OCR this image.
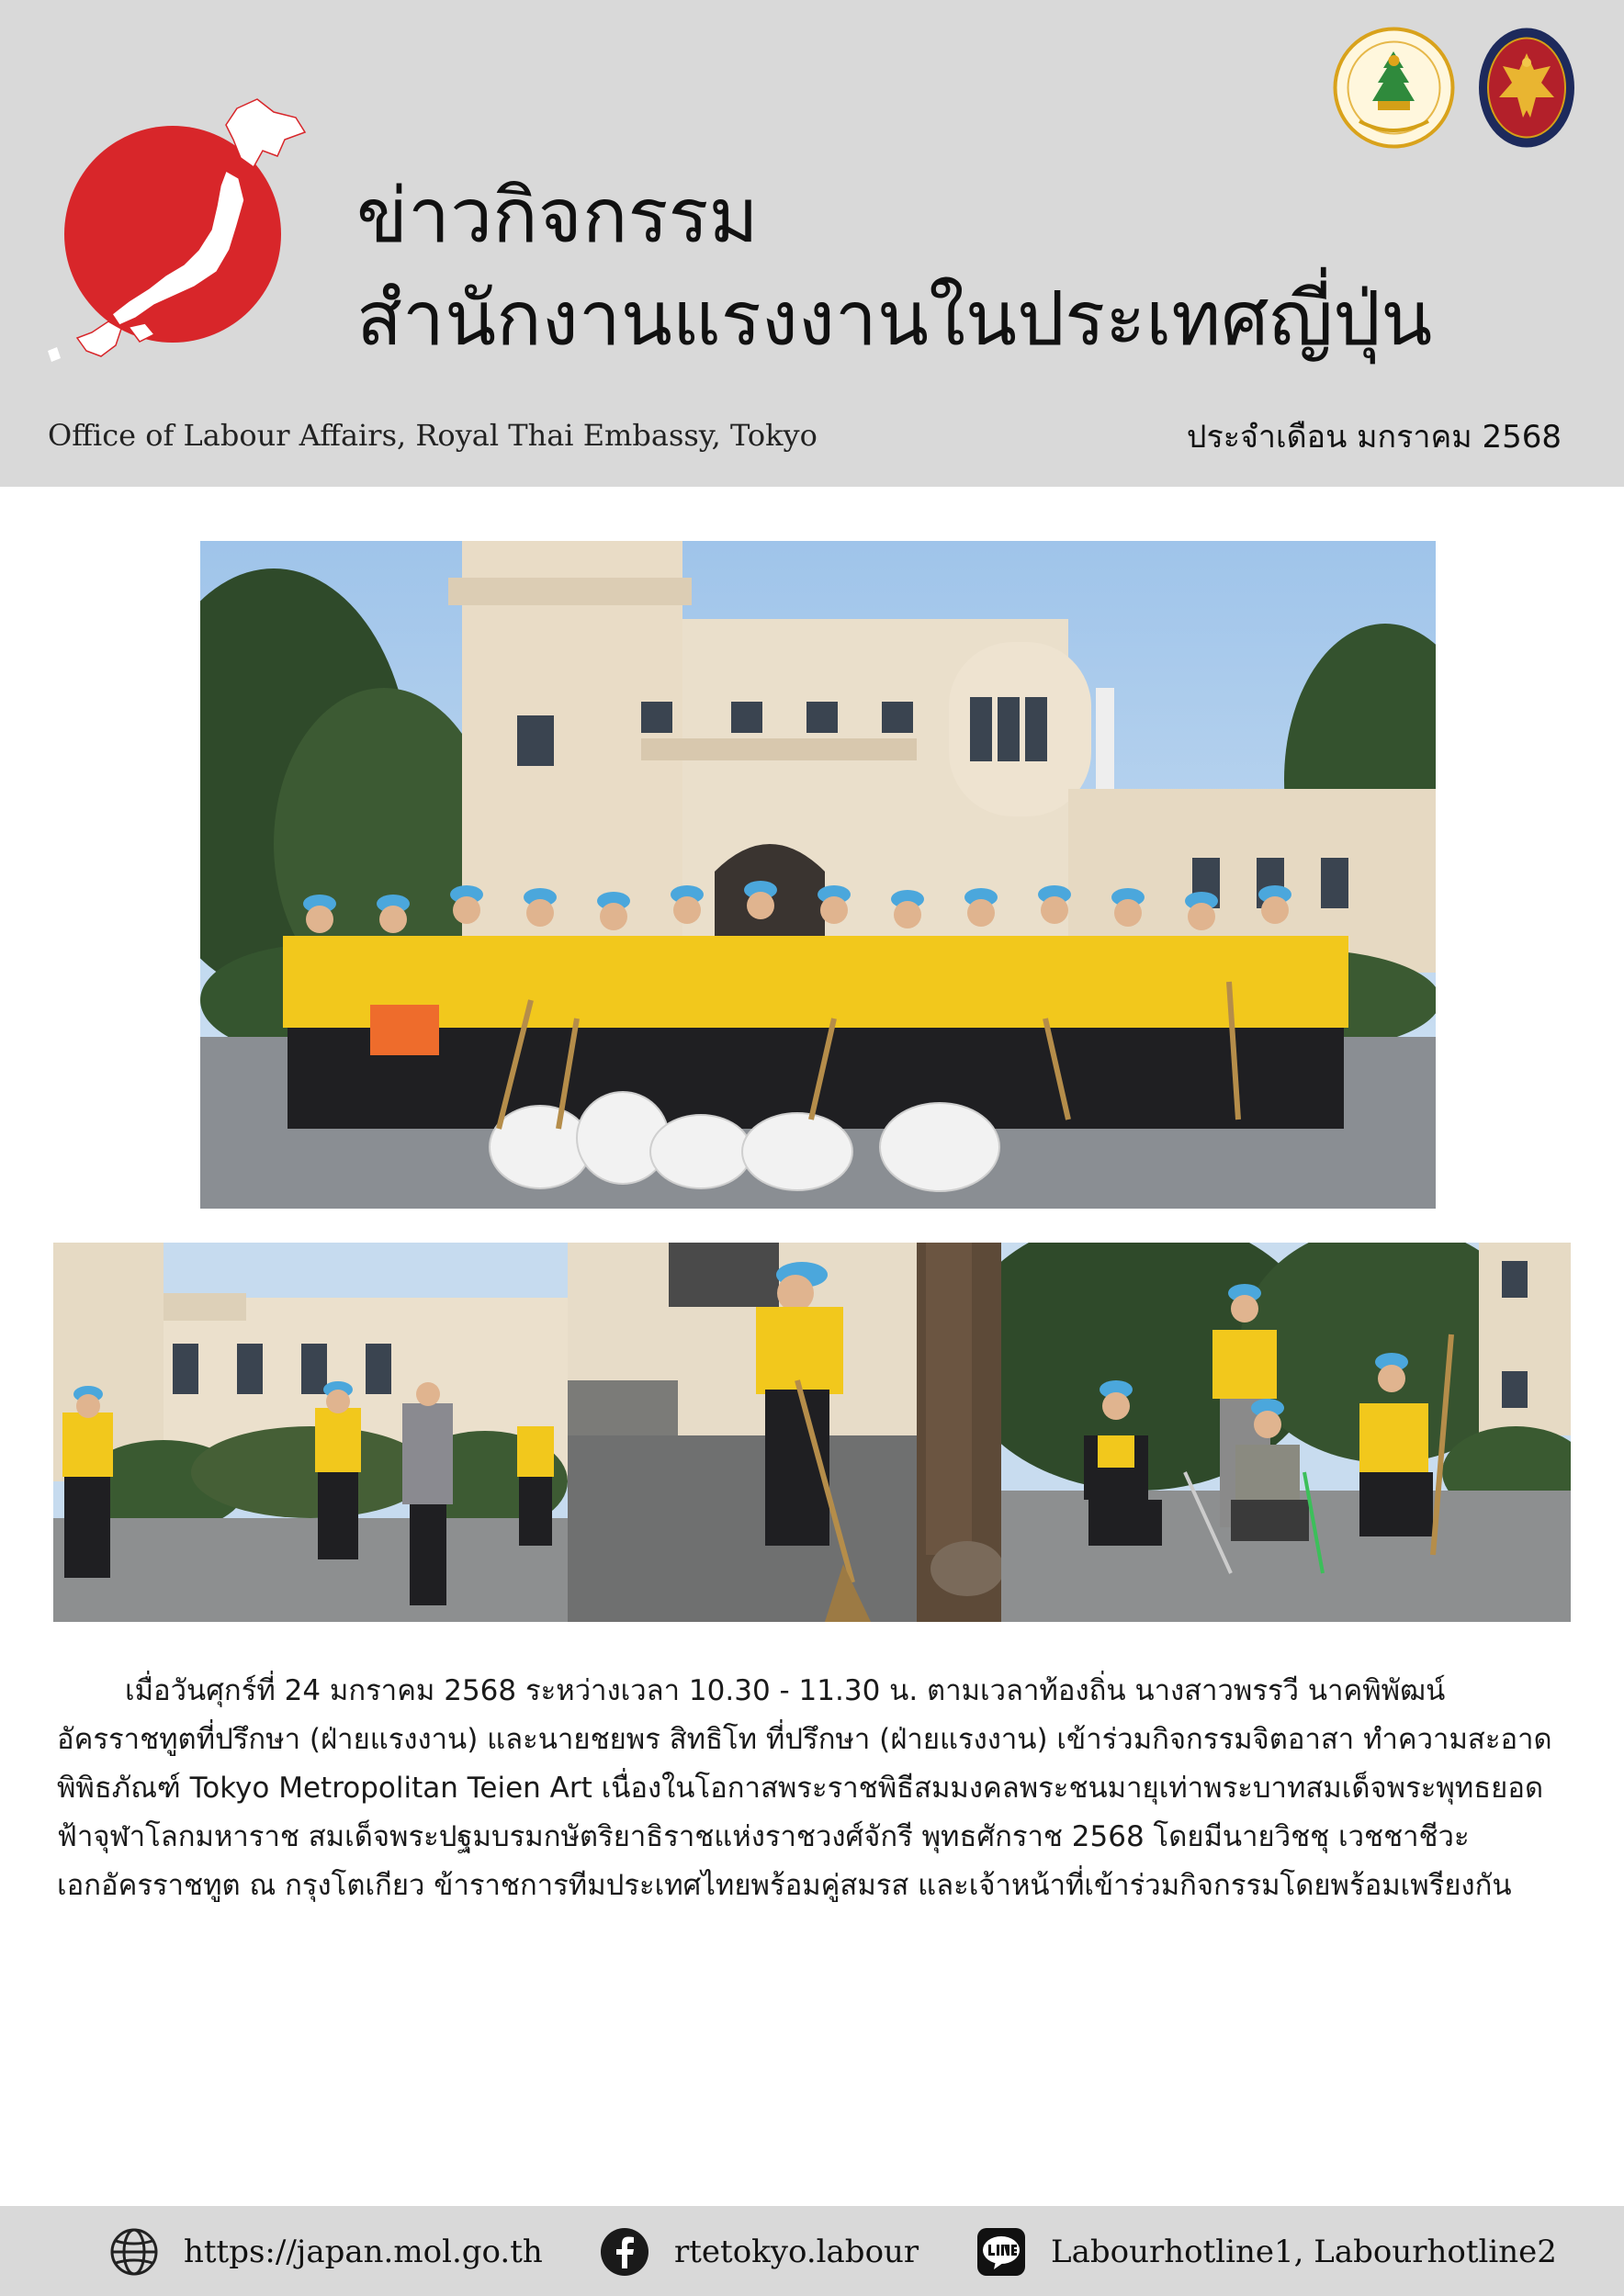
ข่าวกิจกรรม
สำนักงานแรงงานในประเทศญี่ปุ่น
Office of Labour Affairs, Royal Thai Embassy, Tokyo	ประจำเดือน มกราคม 2568

เมื่อวันศุกร์ที่ 24 มกราคม 2568 ระหว่างเวลา 10.30 - 11.30 น. ตามเวลาท้องถิ่น นางสาวพรรวี นาคพิพัฒน์ อัครราชทูตที่ปรึกษา (ฝ่ายแรงงาน) และนายชยพร สิทธิโท ที่ปรึกษา (ฝ่ายแรงงาน) เข้าร่วมกิจกรรมจิตอาสา ทำความสะอาดพิพิธภัณฑ์ Tokyo Metropolitan Teien Art เนื่องในโอกาสพระราชพิธีสมมงคลพระชนมายุเท่าพระบาทสมเด็จพระพุทธยอดฟ้าจุฬาโลกมหาราช สมเด็จพระปฐมบรมกษัตริยาธิราชแห่งราชวงศ์จักรี พุทธศักราช 2568 โดยมีนายวิชชุ เวชชาชีวะ เอกอัครราชทูต ณ กรุงโตเกียว ข้าราชการทีมประเทศไทยพร้อมคู่สมรส และเจ้าหน้าที่เข้าร่วมกิจกรรมโดยพร้อมเพรียงกัน

https://japan.mol.go.th	rtetokyo.labour	Labourhotline1, Labourhotline2
